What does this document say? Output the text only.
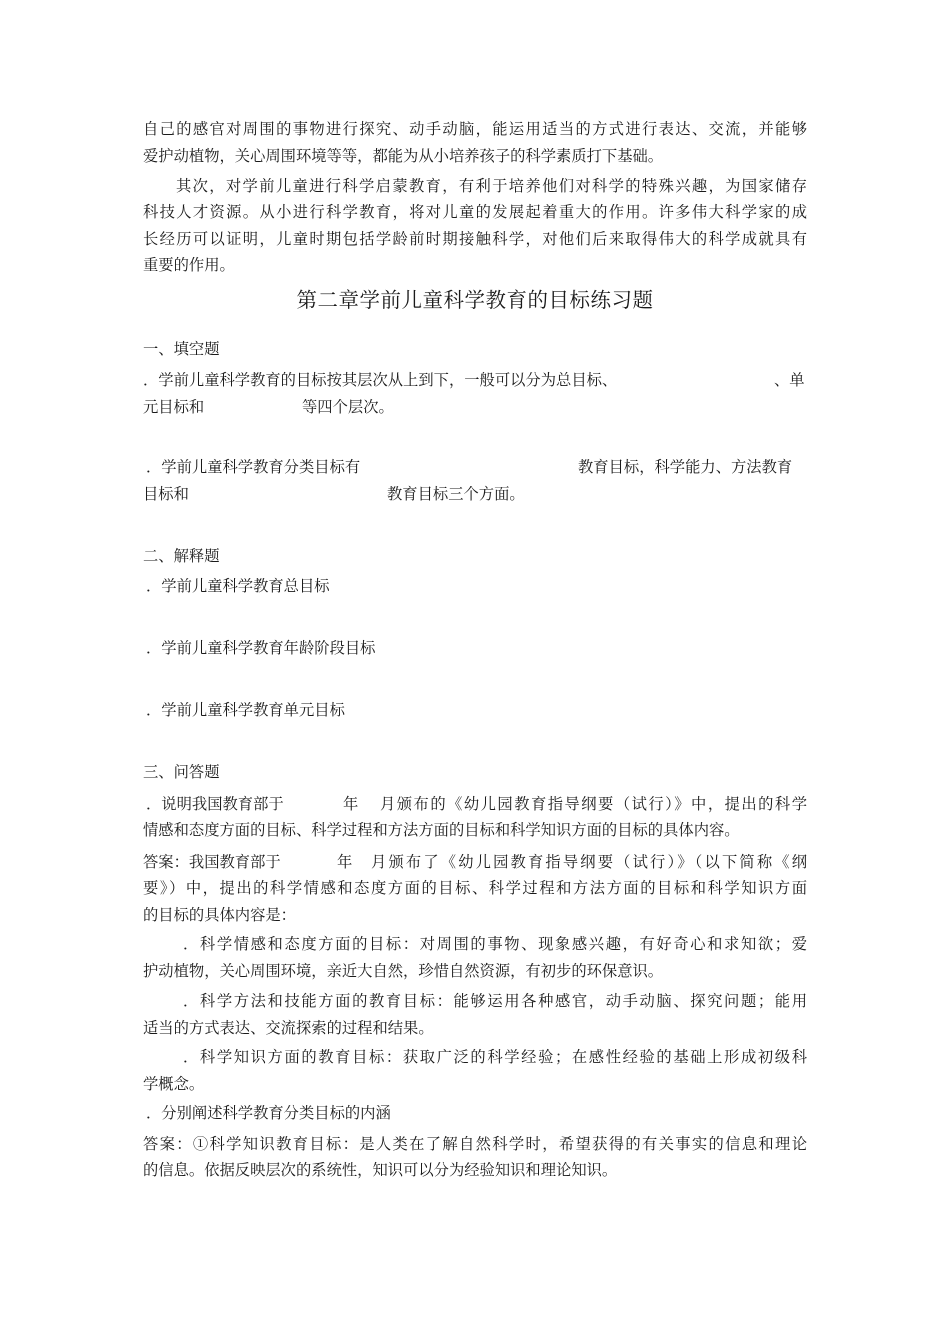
自己的感官对周围的事物进行探究、动手动脑，能运用适当的方式进行表达、交流，并能够
爱护动植物，关心周围环境等等，都能为从小培养孩子的科学素质打下基础。
其次，对学前儿童进行科学启蒙教育，有利于培养他们对科学的特殊兴趣，为国家储存
科技人才资源。从小进行科学教育，将对儿童的发展起着重大的作用。许多伟大科学家的成
长经历可以证明，儿童时期包括学龄前时期接触科学，对他们后来取得伟大的科学成就具有
重要的作用。
第二章学前儿童科学教育的目标练习题
一、填空题
．学前儿童科学教育的目标按其层次从上到下，一般可以分为总目标、	、单
元目标和	等四个层次。
．学前儿童科学教育分类目标有	教育目标，科学能力、方法教育
目标和	教育目标三个方面。
二、解释题
．学前儿童科学教育总目标
．学前儿童科学教育年龄阶段目标
．学前儿童科学教育单元目标
三、问答题
．说明我国教育部于	年	月颁布的《幼儿园教育指导纲要（试行）》中，提出的科学
情感和态度方面的目标、科学过程和方法方面的目标和科学知识方面的目标的具体内容。
答案：我国教育部于	年	月颁布了《幼儿园教育指导纲要（试行）》（以下简称《纲
要》）中，提出的科学情感和态度方面的目标、科学过程和方法方面的目标和科学知识方面
的目标的具体内容是：
．科学情感和态度方面的目标：对周围的事物、现象感兴趣，有好奇心和求知欲；爱
护动植物，关心周围环境，亲近大自然，珍惜自然资源，有初步的环保意识。
．科学方法和技能方面的教育目标：能够运用各种感官，动手动脑、探究问题；能用
适当的方式表达、交流探索的过程和结果。
．科学知识方面的教育目标：获取广泛的科学经验；在感性经验的基础上形成初级科
学概念。
．分别阐述科学教育分类目标的内涵
答案：①科学知识教育目标：是人类在了解自然科学时，希望获得的有关事实的信息和理论
的信息。依据反映层次的系统性，知识可以分为经验知识和理论知识。
